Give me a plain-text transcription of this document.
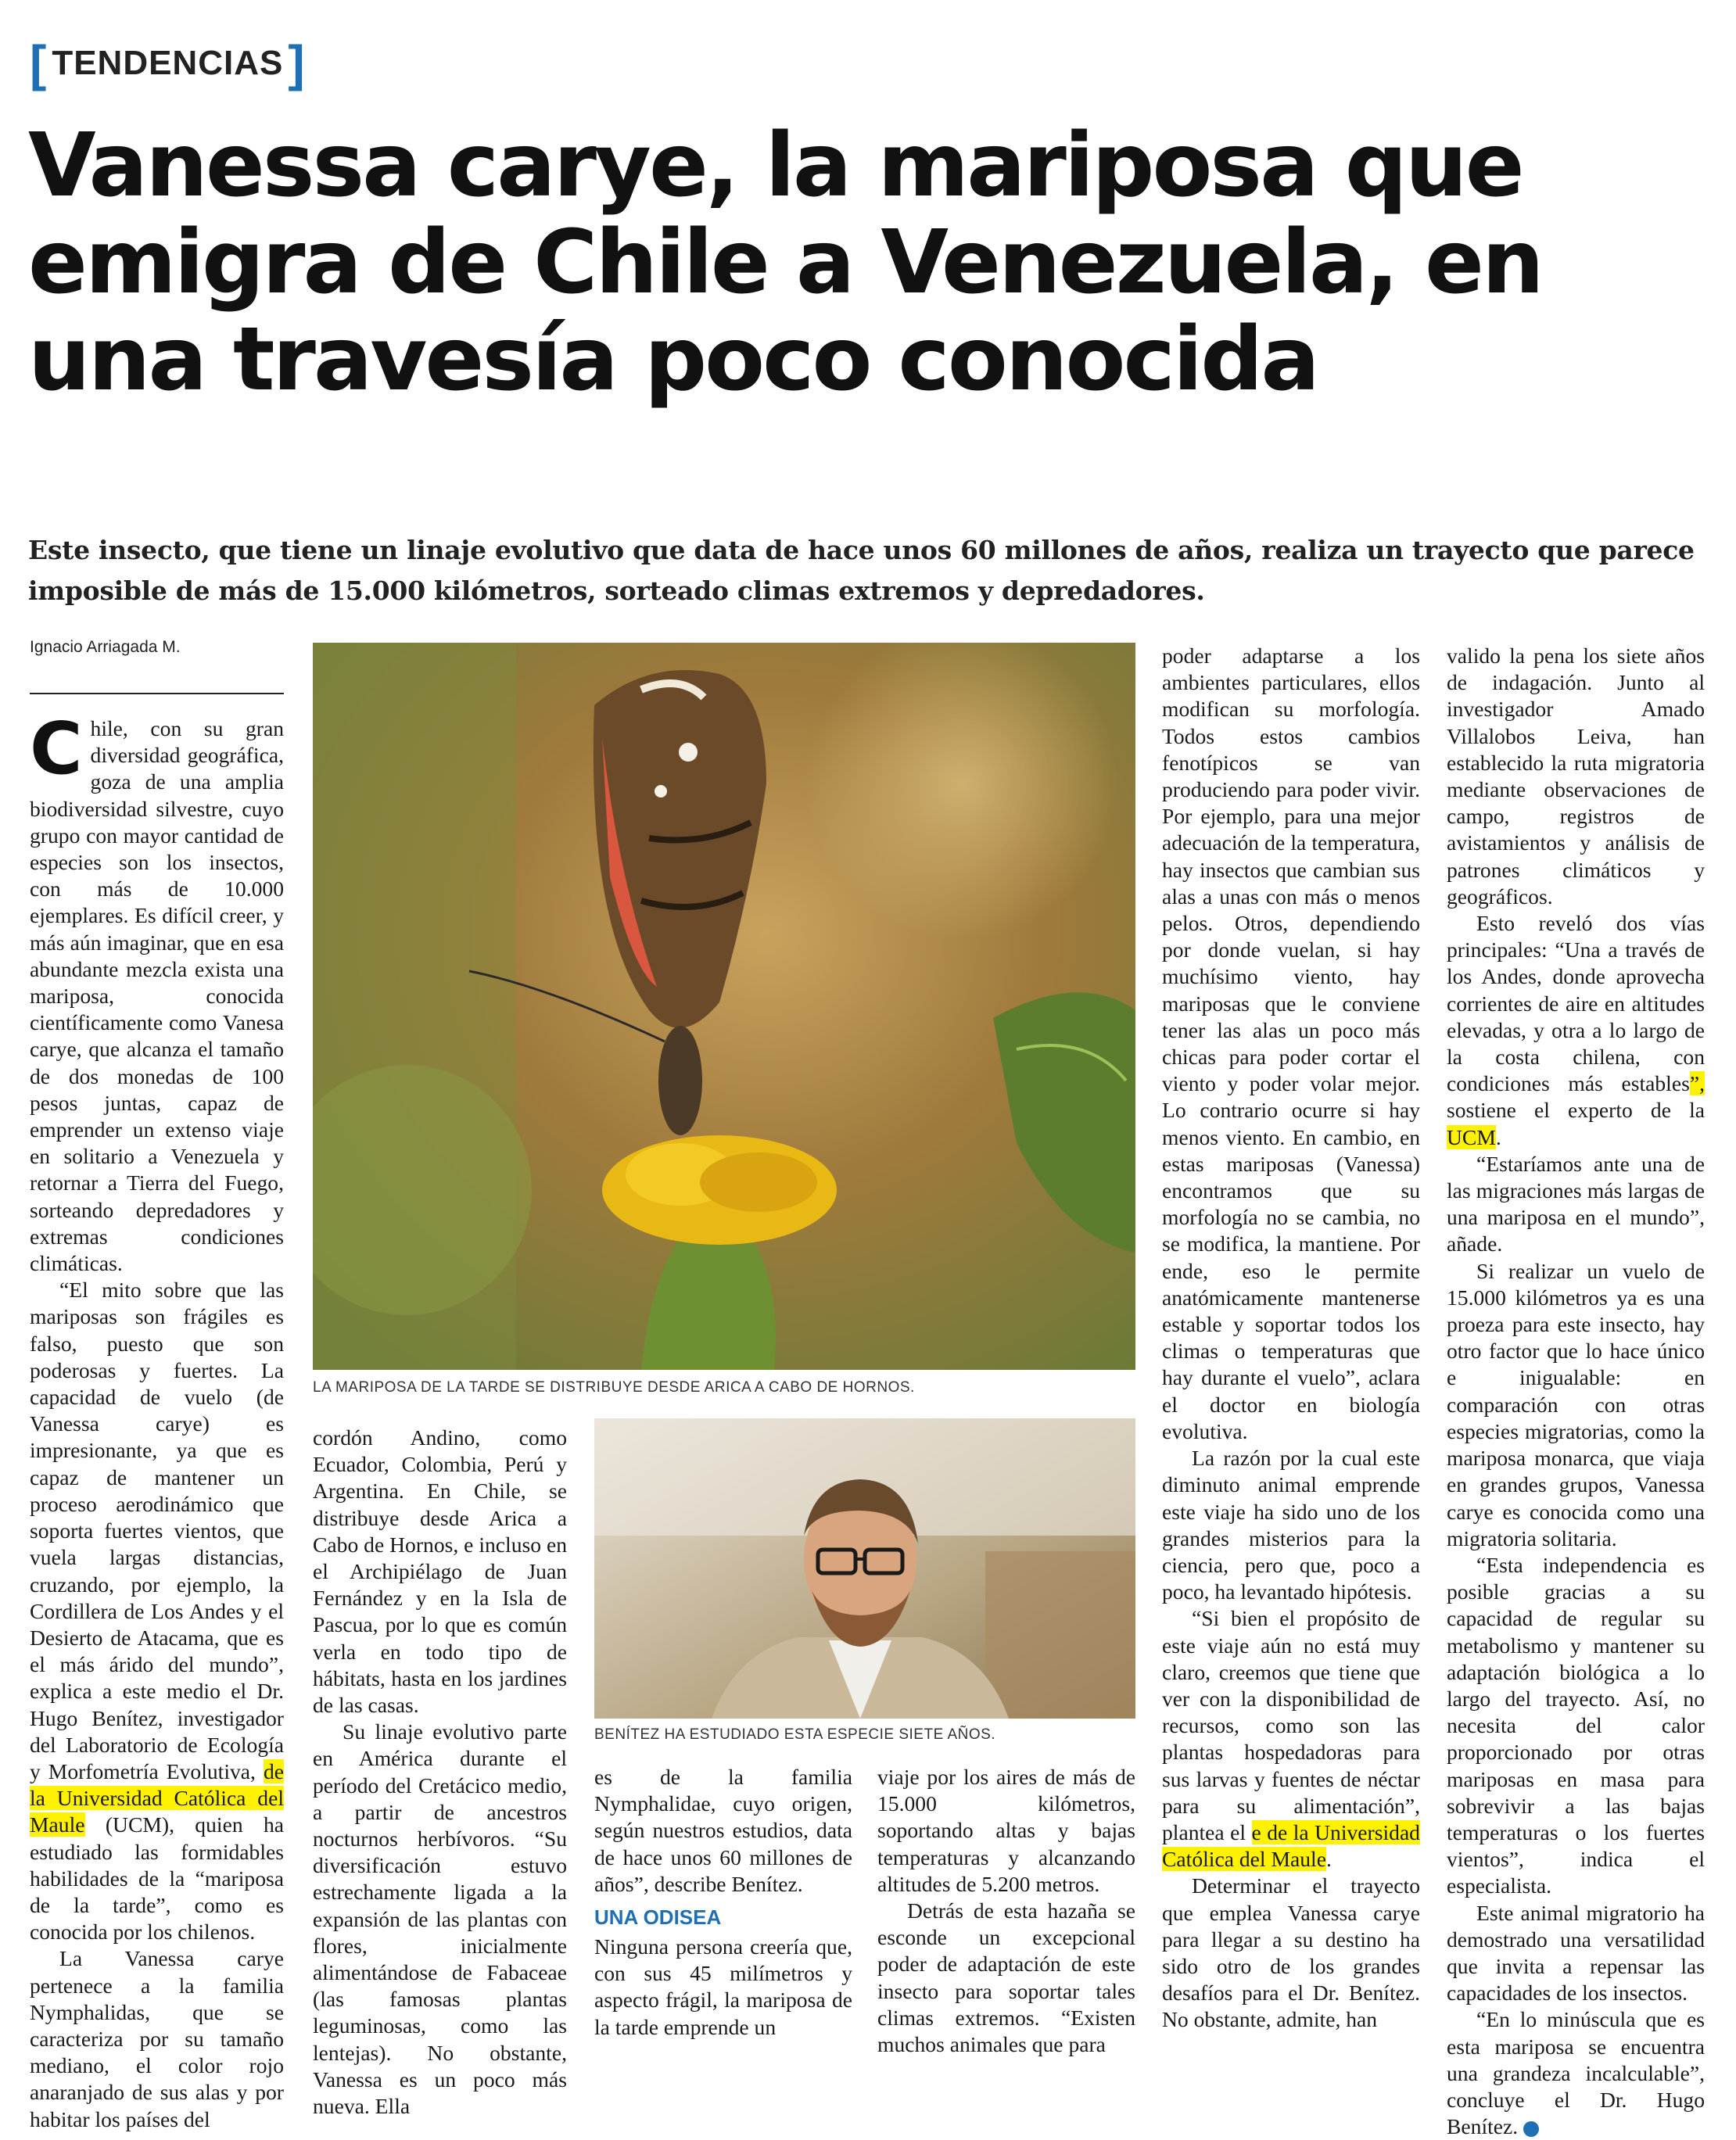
[ TENDENCIAS ]
Vanessa carye, la mariposa que emigra de Chile a Venezuela, en una travesía poco conocida

Este insecto, que tiene un linaje evolutivo que data de hace unos 60 millones de años, realiza un trayecto que parece imposible de más de 15.000 kilómetros, sorteado climas extremos y depredadores.

Ignacio Arriagada M.

Chile, con su gran diversidad geográfica, goza de una amplia biodiversidad silvestre, cuyo grupo con mayor cantidad de especies son los insectos, con más de 10.000 ejemplares. Es difícil creer, y más aún imaginar, que en esa abundante mezcla exista una mariposa, conocida científicamente como Vanesa carye, que alcanza el tamaño de dos monedas de 100 pesos juntas, capaz de emprender un extenso viaje en solitario a Venezuela y retornar a Tierra del Fuego, sorteando depredadores y extremas condiciones climáticas.

“El mito sobre que las mariposas son frágiles es falso, puesto que son poderosas y fuertes. La capacidad de vuelo (de Vanessa carye) es impresionante, ya que es capaz de mantener un proceso aerodinámico que soporta fuertes vientos, que vuela largas distancias, cruzando, por ejemplo, la Cordillera de Los Andes y el Desierto de Atacama, que es el más árido del mundo”, explica a este medio el Dr. Hugo Benítez, investigador del Laboratorio de Ecología y Morfometría Evolutiva, de la Universidad Católica del Maule (UCM), quien ha estudiado las formidables habilidades de la “mariposa de la tarde”, como es conocida por los chilenos.

La Vanessa carye pertenece a la familia Nymphalidas, que se caracteriza por su tamaño mediano, el color rojo anaranjado de sus alas y por habitar los países del

LA MARIPOSA DE LA TARDE SE DISTRIBUYE DESDE ARICA A CABO DE HORNOS.
BENÍTEZ HA ESTUDIADO ESTA ESPECIE SIETE AÑOS.

cordón Andino, como Ecuador, Colombia, Perú y Argentina. En Chile, se distribuye desde Arica a Cabo de Hornos, e incluso en el Archipiélago de Juan Fernández y en la Isla de Pascua, por lo que es común verla en todo tipo de hábitats, hasta en los jardines de las casas.

Su linaje evolutivo parte en América durante el período del Cretácico medio, a partir de ancestros nocturnos herbívoros. “Su diversificación estuvo estrechamente ligada a la expansión de las plantas con flores, inicialmente alimentándose de Fabaceae (las famosas plantas leguminosas, como las lentejas). No obstante, Vanessa es un poco más nueva. Ella

es de la familia Nymphalidae, cuyo origen, según nuestros estudios, data de hace unos 60 millones de años”, describe Benítez.

UNA ODISEA

Ninguna persona creería que, con sus 45 milímetros y aspecto frágil, la mariposa de la tarde emprende un

viaje por los aires de más de 15.000 kilómetros, soportando altas y bajas temperaturas y alcanzando altitudes de 5.200 metros.

Detrás de esta hazaña se esconde un excepcional poder de adaptación de este insecto para soportar tales climas extremos. “Existen muchos animales que para

poder adaptarse a los ambientes particulares, ellos modifican su morfología. Todos estos cambios fenotípicos se van produciendo para poder vivir. Por ejemplo, para una mejor adecuación de la temperatura, hay insectos que cambian sus alas a unas con más o menos pelos. Otros, dependiendo por donde vuelan, si hay muchísimo viento, hay mariposas que le conviene tener las alas un poco más chicas para poder cortar el viento y poder volar mejor. Lo contrario ocurre si hay menos viento. En cambio, en estas mariposas (Vanessa) encontramos que su morfología no se cambia, no se modifica, la mantiene. Por ende, eso le permite anatómicamente mantenerse estable y soportar todos los climas o temperaturas que hay durante el vuelo”, aclara el doctor en biología evolutiva.

La razón por la cual este diminuto animal emprende este viaje ha sido uno de los grandes misterios para la ciencia, pero que, poco a poco, ha levantado hipótesis.

“Si bien el propósito de este viaje aún no está muy claro, creemos que tiene que ver con la disponibilidad de recursos, como son las plantas hospedadoras para sus larvas y fuentes de néctar para su alimentación”, plantea el e de la Universidad Católica del Maule.

Determinar el trayecto que emplea Vanessa carye para llegar a su destino ha sido otro de los grandes desafíos para el Dr. Benítez. No obstante, admite, han

valido la pena los siete años de indagación. Junto al investigador Amado Villalobos Leiva, han establecido la ruta migratoria mediante observaciones de campo, registros de avistamientos y análisis de patrones climáticos y geográficos.

Esto reveló dos vías principales: “Una a través de los Andes, donde aprovecha corrientes de aire en altitudes elevadas, y otra a lo largo de la costa chilena, con condiciones más estables”, sostiene el experto de la UCM.

“Estaríamos ante una de las migraciones más largas de una mariposa en el mundo”, añade.

Si realizar un vuelo de 15.000 kilómetros ya es una proeza para este insecto, hay otro factor que lo hace único e inigualable: en comparación con otras especies migratorias, como la mariposa monarca, que viaja en grandes grupos, Vanessa carye es conocida como una migratoria solitaria.

“Esta independencia es posible gracias a su capacidad de regular su metabolismo y mantener su adaptación biológica a lo largo del trayecto. Así, no necesita del calor proporcionado por otras mariposas en masa para sobrevivir a las bajas temperaturas o los fuertes vientos”, indica el especialista.

Este animal migratorio ha demostrado una versatilidad que invita a repensar las capacidades de los insectos.

“En lo minúscula que es esta mariposa se encuentra una grandeza incalculable”, concluye el Dr. Hugo Benítez.	✪
